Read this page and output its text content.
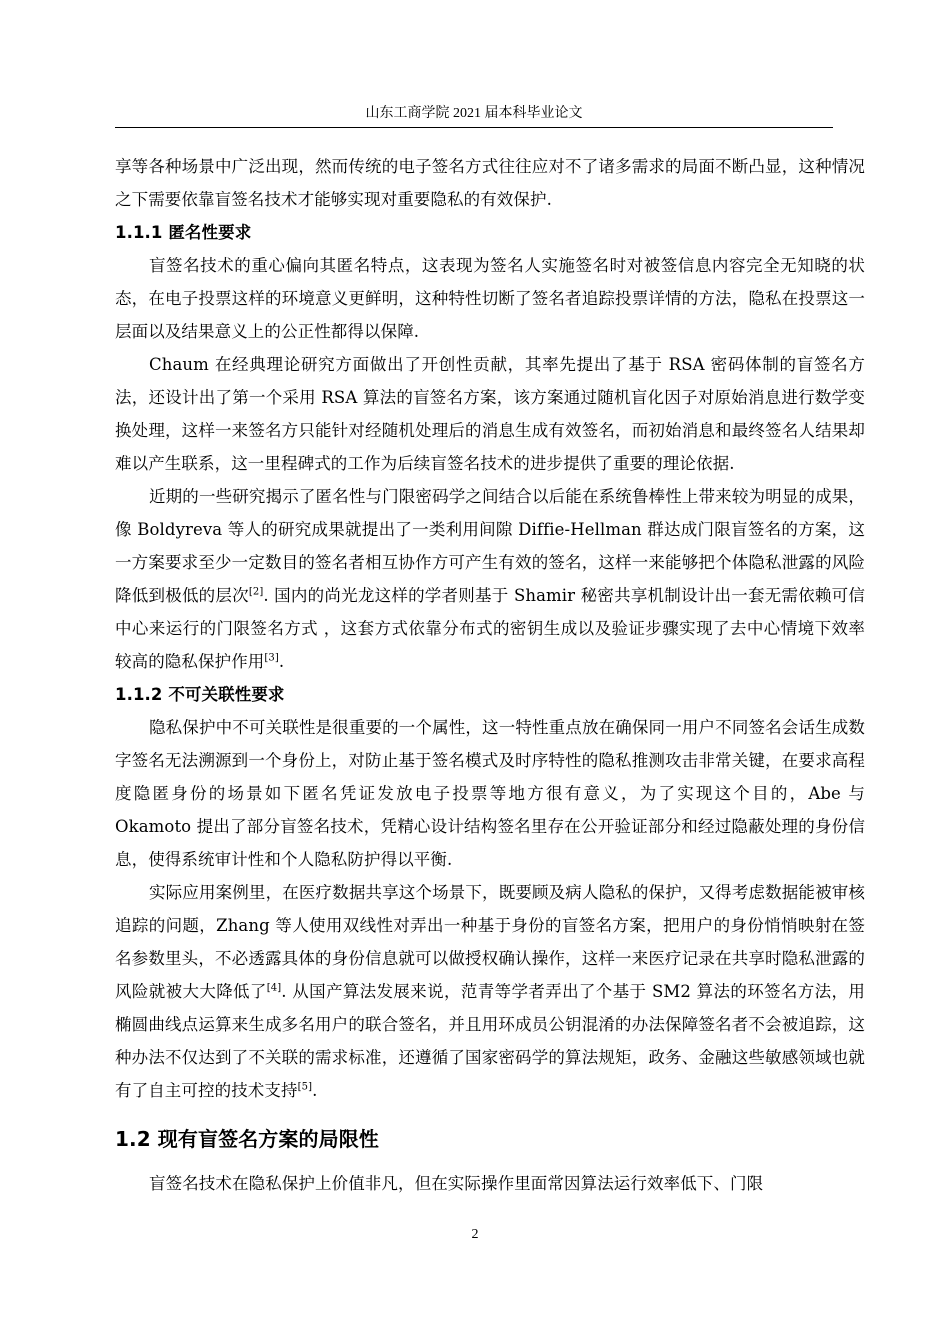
山东工商学院 2021 届本科毕业论文

享等各种场景中广泛出现，然而传统的电子签名方式往往应对不了诸多需求的局面不断凸显，这种情况之下需要依靠盲签名技术才能够实现对重要隐私的有效保护.

1.1.1 匿名性要求

盲签名技术的重心偏向其匿名特点，这表现为签名人实施签名时对被签信息内容完全无知晓的状态，在电子投票这样的环境意义更鲜明，这种特性切断了签名者追踪投票详情的方法，隐私在投票这一层面以及结果意义上的公正性都得以保障.

Chaum 在经典理论研究方面做出了开创性贡献，其率先提出了基于 RSA 密码体制的盲签名方法，还设计出了第一个采用 RSA 算法的盲签名方案，该方案通过随机盲化因子对原始消息进行数学变换处理，这样一来签名方只能针对经随机处理后的消息生成有效签名，而初始消息和最终签名人结果却难以产生联系，这一里程碑式的工作为后续盲签名技术的进步提供了重要的理论依据.

近期的一些研究揭示了匿名性与门限密码学之间结合以后能在系统鲁棒性上带来较为明显的成果，像 Boldyreva 等人的研究成果就提出了一类利用间隙 Diffie-Hellman 群达成门限盲签名的方案，这一方案要求至少一定数目的签名者相互协作方可产生有效的签名，这样一来能够把个体隐私泄露的风险降低到极低的层次[2]. 国内的尚光龙这样的学者则基于 Shamir 秘密共享机制设计出一套无需依赖可信中心来运行的门限签名方式 ，这套方式依靠分布式的密钥生成以及验证步骤实现了去中心情境下效率较高的隐私保护作用[3].

1.1.2 不可关联性要求

隐私保护中不可关联性是很重要的一个属性，这一特性重点放在确保同一用户不同签名会话生成数字签名无法溯源到一个身份上，对防止基于签名模式及时序特性的隐私推测攻击非常关键，在要求高程度隐匿身份的场景如下匿名凭证发放电子投票等地方很有意义，为了实现这个目的，Abe 与 Okamoto 提出了部分盲签名技术，凭精心设计结构签名里存在公开验证部分和经过隐蔽处理的身份信息，使得系统审计性和个人隐私防护得以平衡.

实际应用案例里，在医疗数据共享这个场景下，既要顾及病人隐私的保护，又得考虑数据能被审核追踪的问题，Zhang 等人使用双线性对弄出一种基于身份的盲签名方案，把用户的身份悄悄映射在签名参数里头，不必透露具体的身份信息就可以做授权确认操作，这样一来医疗记录在共享时隐私泄露的风险就被大大降低了[4]. 从国产算法发展来说，范青等学者弄出了个基于 SM2 算法的环签名方法，用椭圆曲线点运算来生成多名用户的联合签名，并且用环成员公钥混淆的办法保障签名者不会被追踪，这种办法不仅达到了不关联的需求标准，还遵循了国家密码学的算法规矩，政务、金融这些敏感领域也就有了自主可控的技术支持[5].

1.2 现有盲签名方案的局限性

盲签名技术在隐私保护上价值非凡，但在实际操作里面常因算法运行效率低下、门限

2
